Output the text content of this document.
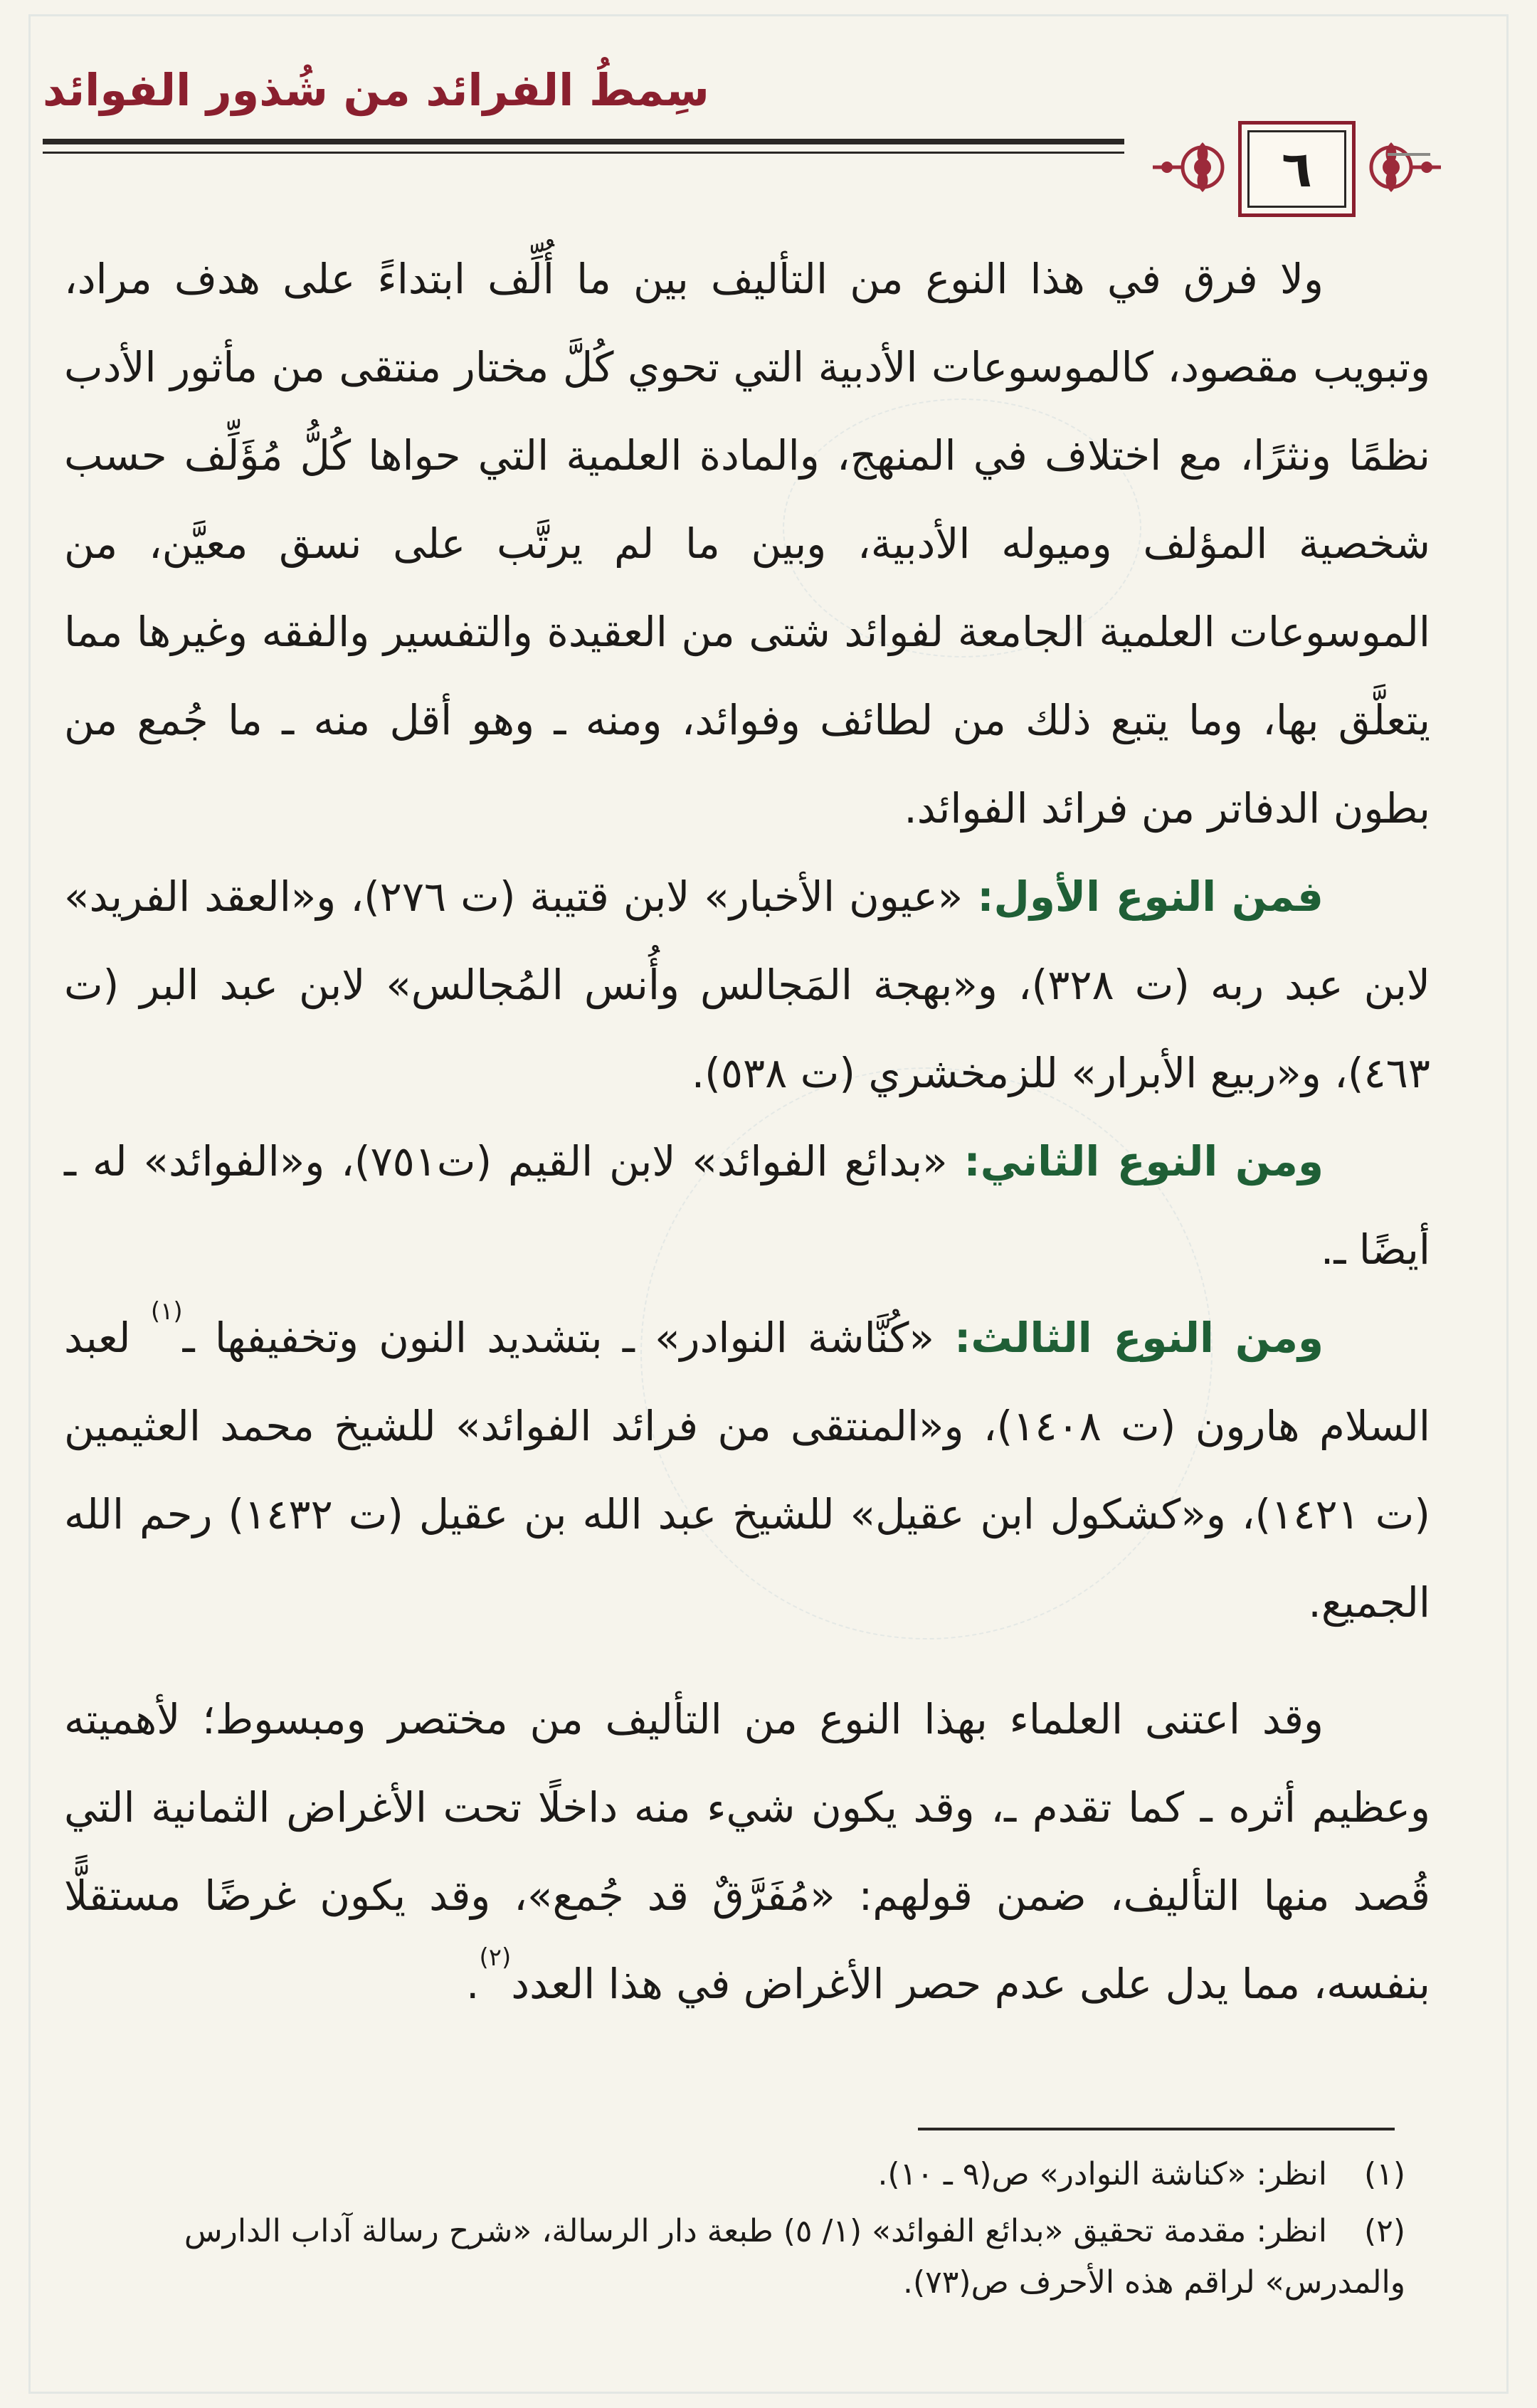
سِمطُ الفرائد من شُذور الفوائد
٦

ولا فرق في هذا النوع من التأليف بين ما أُلِّف ابتداءً على هدف مراد، وتبويب مقصود، كالموسوعات الأدبية التي تحوي كُلَّ مختار منتقى من مأثور الأدب نظمًا ونثرًا، مع اختلاف في المنهج، والمادة العلمية التي حواها كُلُّ مُؤَلِّف حسب شخصية المؤلف وميوله الأدبية، وبين ما لم يرتَّب على نسق معيَّن، من الموسوعات العلمية الجامعة لفوائد شتى من العقيدة والتفسير والفقه وغيرها مما يتعلَّق بها، وما يتبع ذلك من لطائف وفوائد، ومنه ـ وهو أقل منه ـ ما جُمع من بطون الدفاتر من فرائد الفوائد.

فمن النوع الأول: «عيون الأخبار» لابن قتيبة (ت ٢٧٦)، و«العقد الفريد» لابن عبد ربه (ت ٣٢٨)، و«بهجة المَجالس وأُنس المُجالس» لابن عبد البر (ت ٤٦٣)، و«ربيع الأبرار» للزمخشري (ت ٥٣٨).

ومن النوع الثاني: «بدائع الفوائد» لابن القيم (ت٧٥١)، و«الفوائد» له ـ أيضًا ـ.

ومن النوع الثالث: «كُنَّاشة النوادر» ـ بتشديد النون وتخفيفها ـ$^{(١)}$ لعبد السلام هارون (ت ١٤٠٨)، و«المنتقى من فرائد الفوائد» للشيخ محمد العثيمين (ت ١٤٢١)، و«كشكول ابن عقيل» للشيخ عبد الله بن عقيل (ت ١٤٣٢) رحم الله الجميع.

وقد اعتنى العلماء بهذا النوع من التأليف من مختصر ومبسوط؛ لأهميته وعظيم أثره ـ كما تقدم ـ، وقد يكون شيء منه داخلًا تحت الأغراض الثمانية التي قُصد منها التأليف، ضمن قولهم: «مُفَرَّقٌ قد جُمع»، وقد يكون غرضًا مستقلًّا بنفسه، مما يدل على عدم حصر الأغراض في هذا العدد$^{(٢)}$.

(١)انظر: «كناشة النوادر» ص(٩ ـ ١٠).

(٢)انظر: مقدمة تحقيق «بدائع الفوائد» (١/ ٥) طبعة دار الرسالة، «شرح رسالة آداب الدارس والمدرس» لراقم هذه الأحرف ص(٧٣).
